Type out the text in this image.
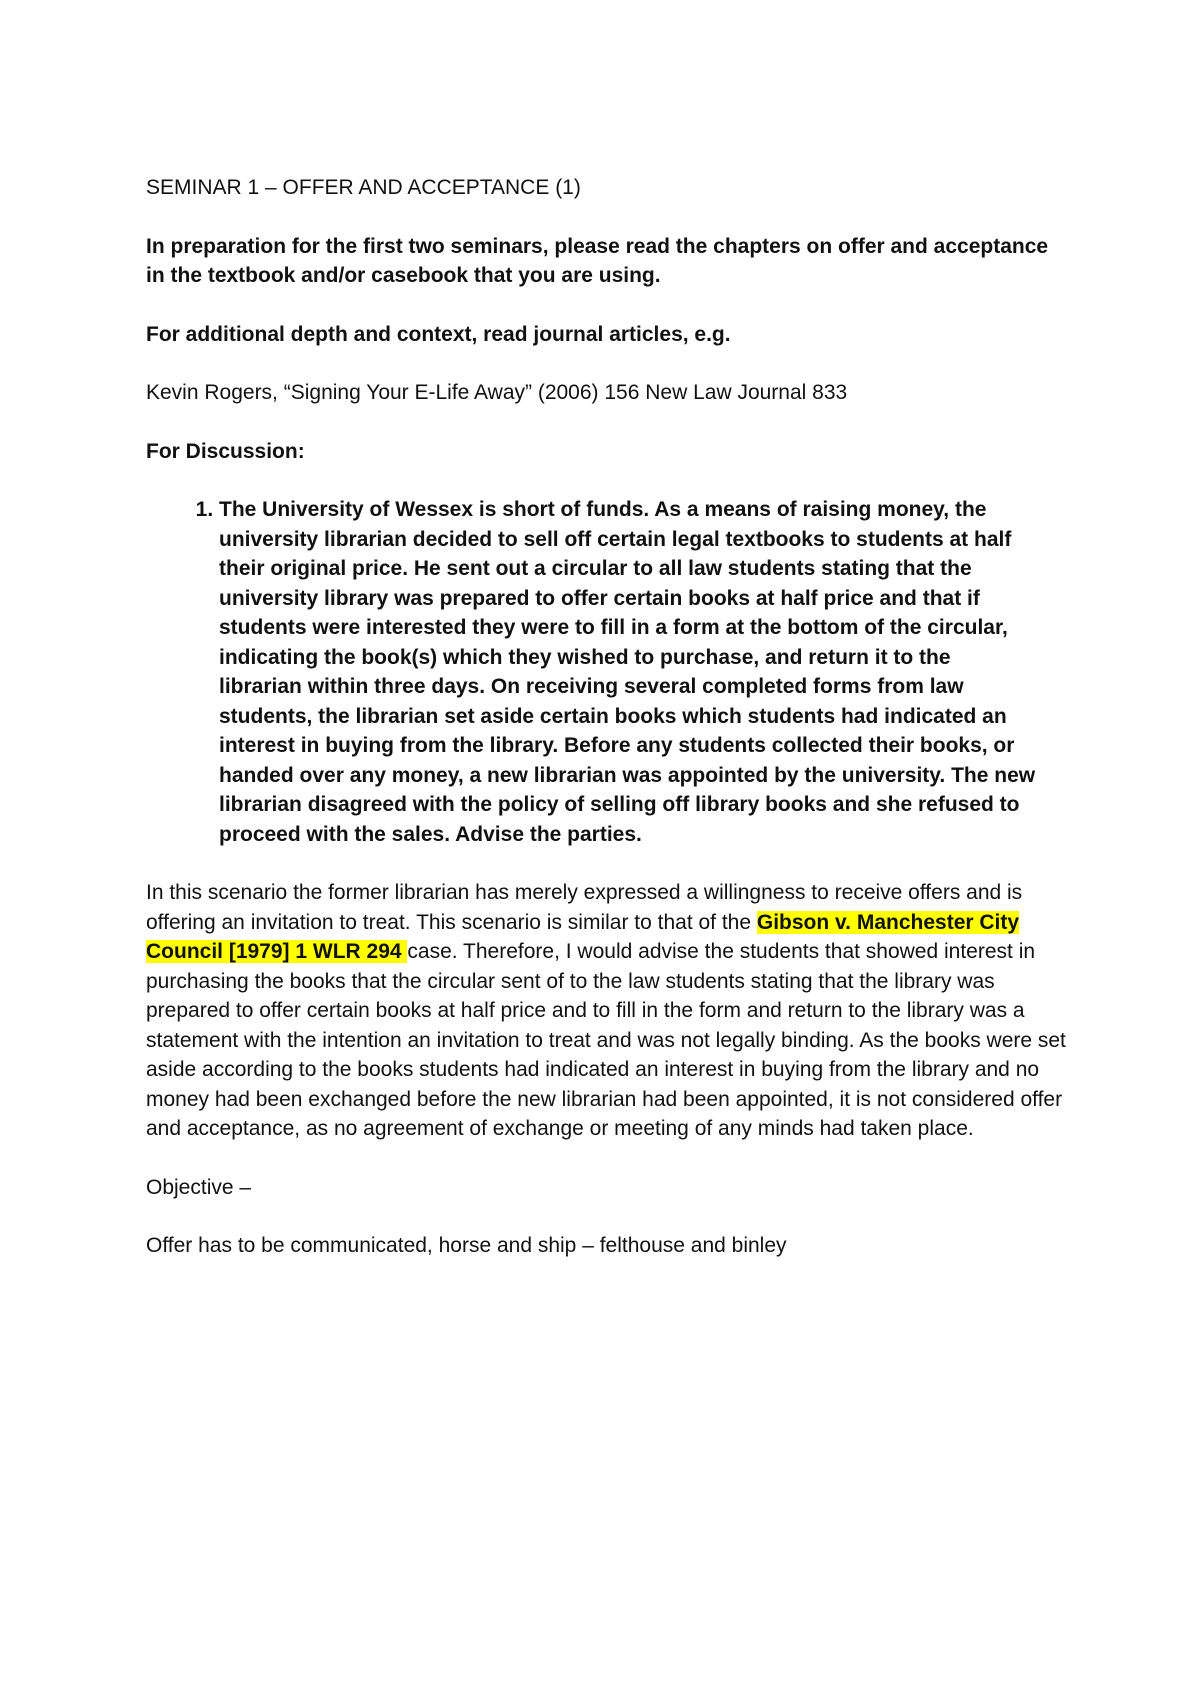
SEMINAR 1 – OFFER AND ACCEPTANCE (1)

In preparation for the first two seminars, please read the chapters on offer and acceptance in the textbook and/or casebook that you are using.

For additional depth and context, read journal articles, e.g.

Kevin Rogers, “Signing Your E-Life Away” (2006) 156 New Law Journal 833

For Discussion:

1. The University of Wessex is short of funds. As a means of raising money, the university librarian decided to sell off certain legal textbooks to students at half their original price. He sent out a circular to all law students stating that the university library was prepared to offer certain books at half price and that if students were interested they were to fill in a form at the bottom of the circular, indicating the book(s) which they wished to purchase, and return it to the librarian within three days. On receiving several completed forms from law students, the librarian set aside certain books which students had indicated an interest in buying from the library. Before any students collected their books, or handed over any money, a new librarian was appointed by the university. The new librarian disagreed with the policy of selling off library books and she refused to proceed with the sales. Advise the parties.

In this scenario the former librarian has merely expressed a willingness to receive offers and is offering an invitation to treat. This scenario is similar to that of the Gibson v. Manchester City Council [1979] 1 WLR 294 case. Therefore, I would advise the students that showed interest in purchasing the books that the circular sent of to the law students stating that the library was prepared to offer certain books at half price and to fill in the form and return to the library was a statement with the intention an invitation to treat and was not legally binding. As the books were set aside according to the books students had indicated an interest in buying from the library and no money had been exchanged before the new librarian had been appointed, it is not considered offer and acceptance, as no agreement of exchange or meeting of any minds had taken place.

Objective –

Offer has to be communicated, horse and ship – felthouse and binley
